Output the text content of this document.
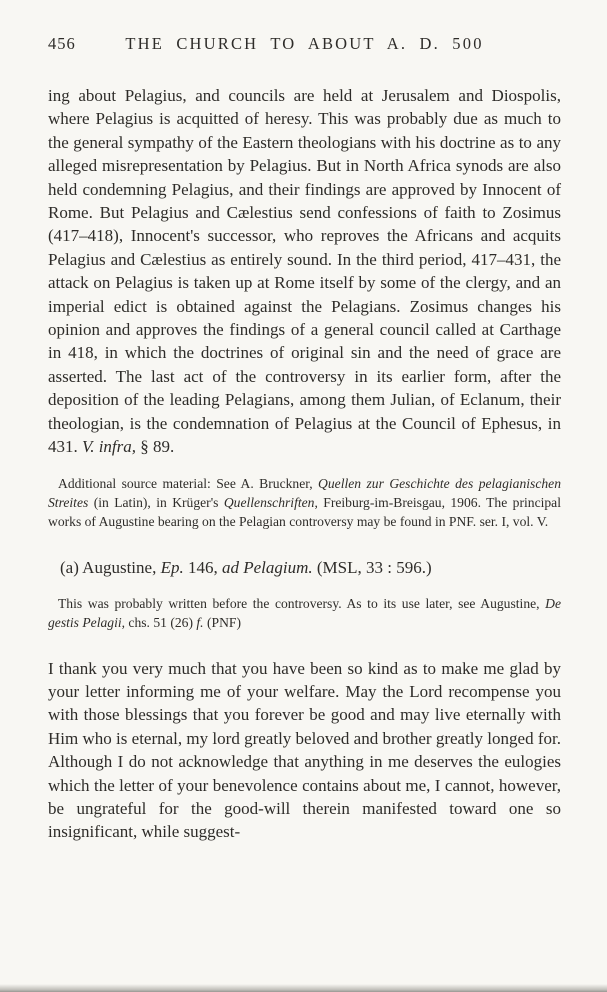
456	THE CHURCH TO ABOUT A. D. 500

ing about Pelagius, and councils are held at Jerusalem and Diospolis, where Pelagius is acquitted of heresy. This was probably due as much to the general sympathy of the Eastern theologians with his doctrine as to any alleged misrepresentation by Pelagius. But in North Africa synods are also held condemning Pelagius, and their findings are approved by Innocent of Rome. But Pelagius and Cælestius send confessions of faith to Zosimus (417–418), Innocent's successor, who reproves the Africans and acquits Pelagius and Cælestius as entirely sound. In the third period, 417–431, the attack on Pelagius is taken up at Rome itself by some of the clergy, and an imperial edict is obtained against the Pelagians. Zosimus changes his opinion and approves the findings of a general council called at Carthage in 418, in which the doctrines of original sin and the need of grace are asserted. The last act of the controversy in its earlier form, after the deposition of the leading Pelagians, among them Julian, of Eclanum, their theologian, is the condemnation of Pelagius at the Council of Ephesus, in 431. V. infra, § 89.

Additional source material: See A. Bruckner, Quellen zur Geschichte des pelagianischen Streites (in Latin), in Krüger's Quellenschriften, Freiburg-im-Breisgau, 1906. The principal works of Augustine bearing on the Pelagian controversy may be found in PNF. ser. I, vol. V.

(a) Augustine, Ep. 146, ad Pelagium. (MSL, 33 : 596.)

This was probably written before the controversy. As to its use later, see Augustine, De gestis Pelagii, chs. 51 (26) f. (PNF)

I thank you very much that you have been so kind as to make me glad by your letter informing me of your welfare. May the Lord recompense you with those blessings that you forever be good and may live eternally with Him who is eternal, my lord greatly beloved and brother greatly longed for. Although I do not acknowledge that anything in me deserves the eulogies which the letter of your benevolence contains about me, I cannot, however, be ungrateful for the good-will therein manifested toward one so insignificant, while suggest-
